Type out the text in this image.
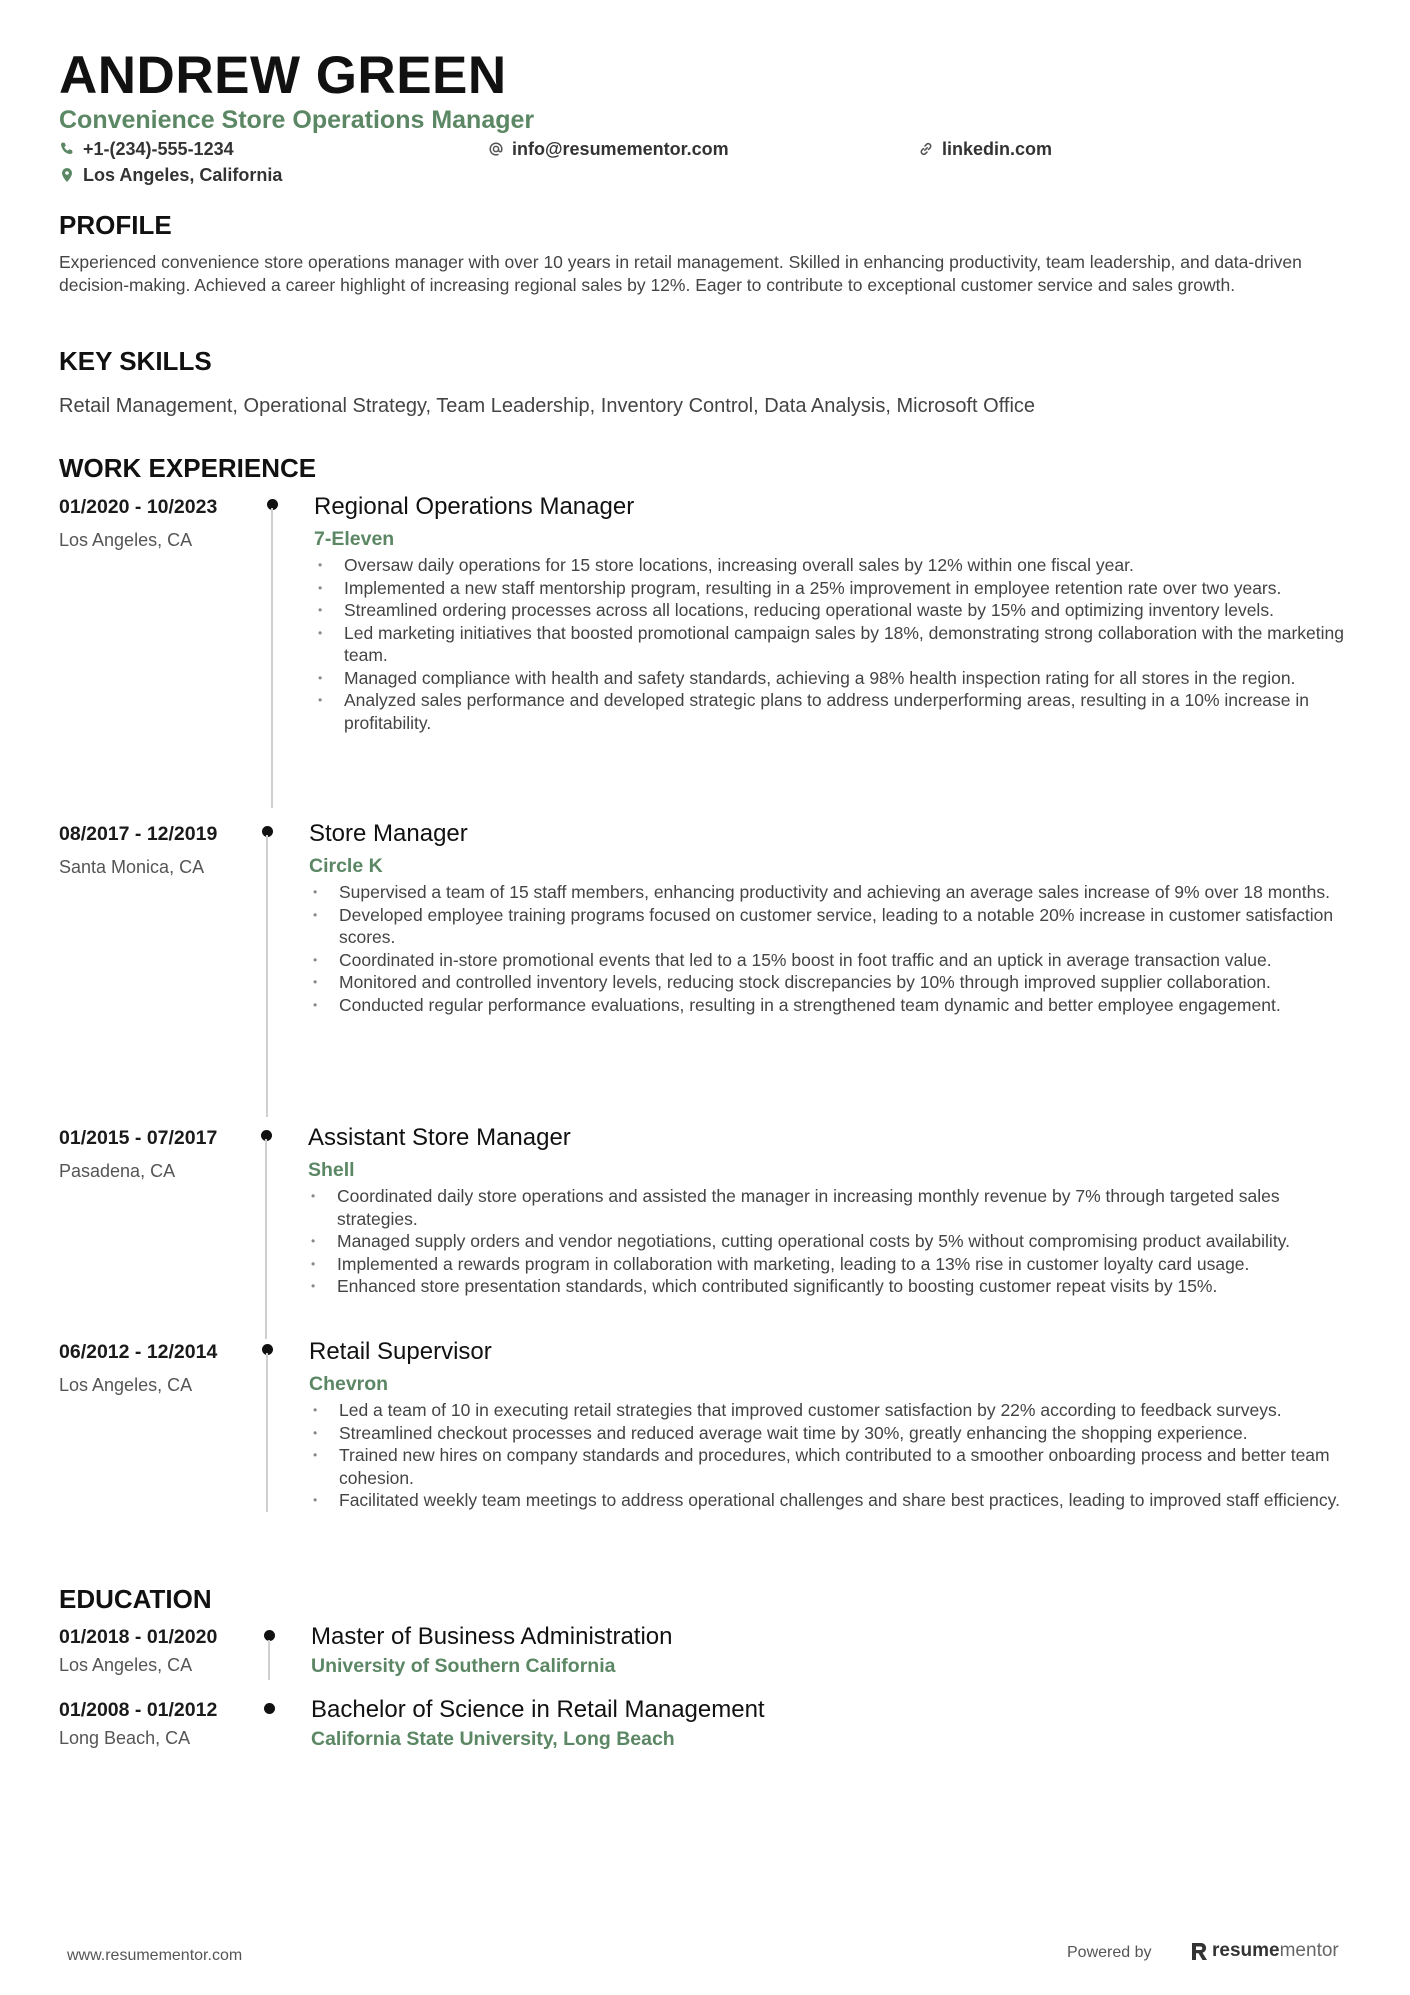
ANDREW GREEN
Convenience Store Operations Manager
+1-(234)-555-1234	info@resumementor.com	linkedin.com
Los Angeles, California
PROFILE
Experienced convenience store operations manager with over 10 years in retail management. Skilled in enhancing productivity, team leadership, and data-driven decision-making. Achieved a career highlight of increasing regional sales by 12%. Eager to contribute to exceptional customer service and sales growth.
KEY SKILLS
Retail Management, Operational Strategy, Team Leadership, Inventory Control, Data Analysis, Microsoft Office
WORK EXPERIENCE
01/2020 - 10/2023
Los Angeles, CA
Regional Operations Manager
7-Eleven
• Oversaw daily operations for 15 store locations, increasing overall sales by 12% within one fiscal year.
• Implemented a new staff mentorship program, resulting in a 25% improvement in employee retention rate over two years.
• Streamlined ordering processes across all locations, reducing operational waste by 15% and optimizing inventory levels.
• Led marketing initiatives that boosted promotional campaign sales by 18%, demonstrating strong collaboration with the marketing team.
• Managed compliance with health and safety standards, achieving a 98% health inspection rating for all stores in the region.
• Analyzed sales performance and developed strategic plans to address underperforming areas, resulting in a 10% increase in profitability.
08/2017 - 12/2019
Santa Monica, CA
Store Manager
Circle K
• Supervised a team of 15 staff members, enhancing productivity and achieving an average sales increase of 9% over 18 months.
• Developed employee training programs focused on customer service, leading to a notable 20% increase in customer satisfaction scores.
• Coordinated in-store promotional events that led to a 15% boost in foot traffic and an uptick in average transaction value.
• Monitored and controlled inventory levels, reducing stock discrepancies by 10% through improved supplier collaboration.
• Conducted regular performance evaluations, resulting in a strengthened team dynamic and better employee engagement.
01/2015 - 07/2017
Pasadena, CA
Assistant Store Manager
Shell
• Coordinated daily store operations and assisted the manager in increasing monthly revenue by 7% through targeted sales strategies.
• Managed supply orders and vendor negotiations, cutting operational costs by 5% without compromising product availability.
• Implemented a rewards program in collaboration with marketing, leading to a 13% rise in customer loyalty card usage.
• Enhanced store presentation standards, which contributed significantly to boosting customer repeat visits by 15%.
06/2012 - 12/2014
Los Angeles, CA
Retail Supervisor
Chevron
• Led a team of 10 in executing retail strategies that improved customer satisfaction by 22% according to feedback surveys.
• Streamlined checkout processes and reduced average wait time by 30%, greatly enhancing the shopping experience.
• Trained new hires on company standards and procedures, which contributed to a smoother onboarding process and better team cohesion.
• Facilitated weekly team meetings to address operational challenges and share best practices, leading to improved staff efficiency.
EDUCATION
01/2018 - 01/2020
Los Angeles, CA
Master of Business Administration
University of Southern California
01/2008 - 01/2012
Long Beach, CA
Bachelor of Science in Retail Management
California State University, Long Beach
www.resumementor.com	Powered by	resume mentor
